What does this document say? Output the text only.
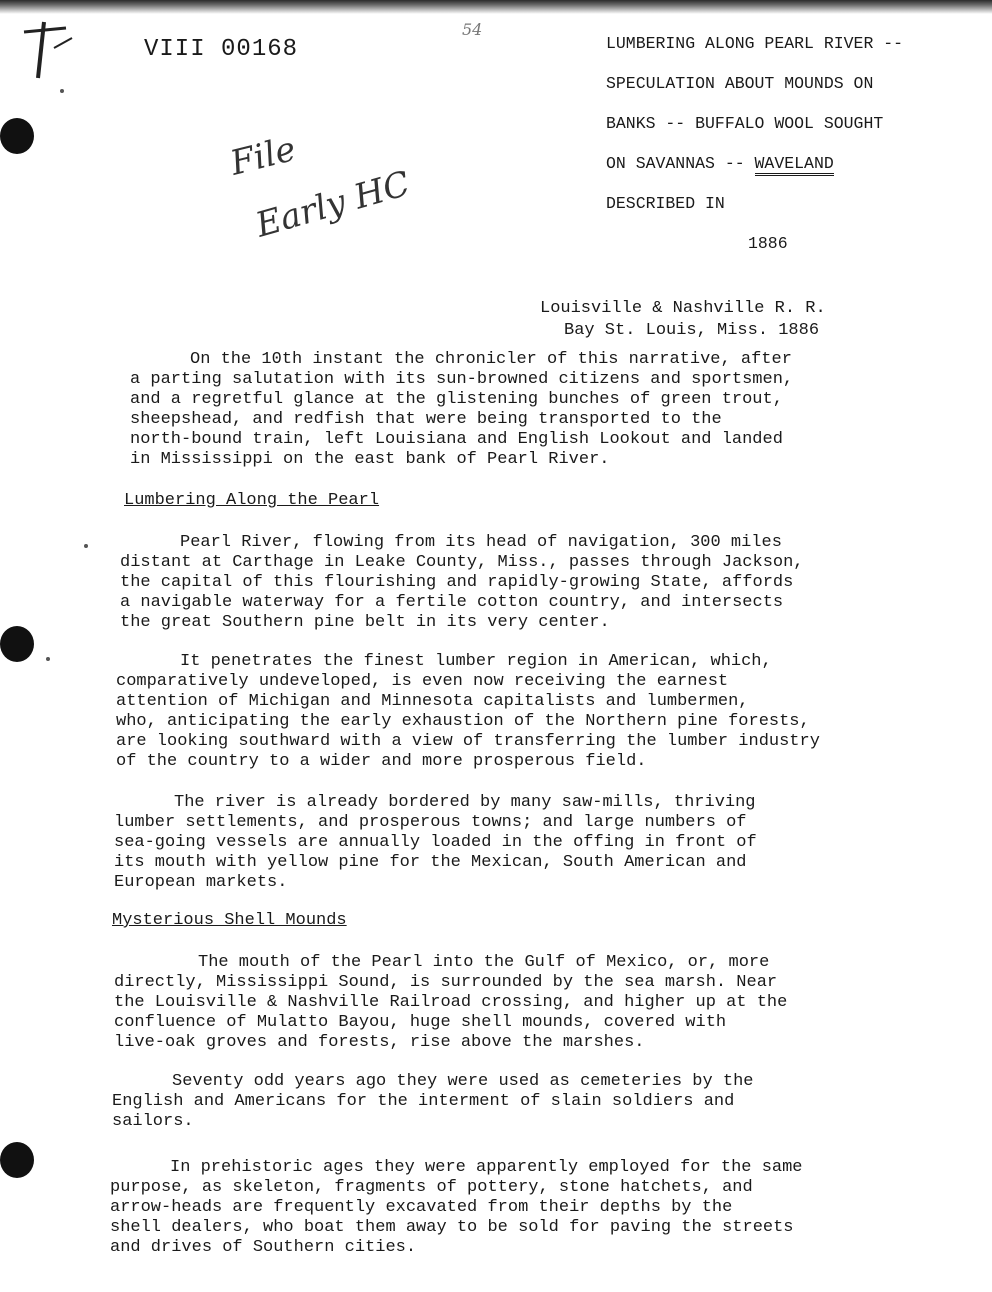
VIII 00168
54
File
Early HC
LUMBERING ALONG PEARL RIVER --
SPECULATION ABOUT MOUNDS ON
BANKS -- BUFFALO WOOL SOUGHT
ON SAVANNAS -- WAVELAND
DESCRIBED IN
1886
Louisville & Nashville R. R.
Bay St. Louis, Miss. 1886
On the 10th instant the chronicler of this narrative, after
a parting salutation with its sun-browned citizens and sportsmen,
and a regretful glance at the glistening bunches of green trout,
sheepshead, and redfish that were being transported to the
north-bound train, left Louisiana and English Lookout and landed
in Mississippi on the east bank of Pearl River.
Lumbering Along the Pearl
Pearl River, flowing from its head of navigation, 300 miles
distant at Carthage in Leake County, Miss., passes through Jackson,
the capital of this flourishing and rapidly-growing State, affords
a navigable waterway for a fertile cotton country, and intersects
the great Southern pine belt in its very center.
It penetrates the finest lumber region in American, which,
comparatively undeveloped, is even now receiving the earnest
attention of Michigan and Minnesota capitalists and lumbermen,
who, anticipating the early exhaustion of the Northern pine forests,
are looking southward with a view of transferring the lumber industry
of the country to a wider and more prosperous field.
The river is already bordered by many saw-mills, thriving
lumber settlements, and prosperous towns; and large numbers of
sea-going vessels are annually loaded in the offing in front of
its mouth with yellow pine for the Mexican, South American and
European markets.
Mysterious Shell Mounds
The mouth of the Pearl into the Gulf of Mexico, or, more
directly, Mississippi Sound, is surrounded by the sea marsh. Near
the Louisville & Nashville Railroad crossing, and higher up at the
confluence of Mulatto Bayou, huge shell mounds, covered with
live-oak groves and forests, rise above the marshes.
Seventy odd years ago they were used as cemeteries by the
English and Americans for the interment of slain soldiers and
sailors.
In prehistoric ages they were apparently employed for the same
purpose, as skeleton, fragments of pottery, stone hatchets, and
arrow-heads are frequently excavated from their depths by the
shell dealers, who boat them away to be sold for paving the streets
and drives of Southern cities.
